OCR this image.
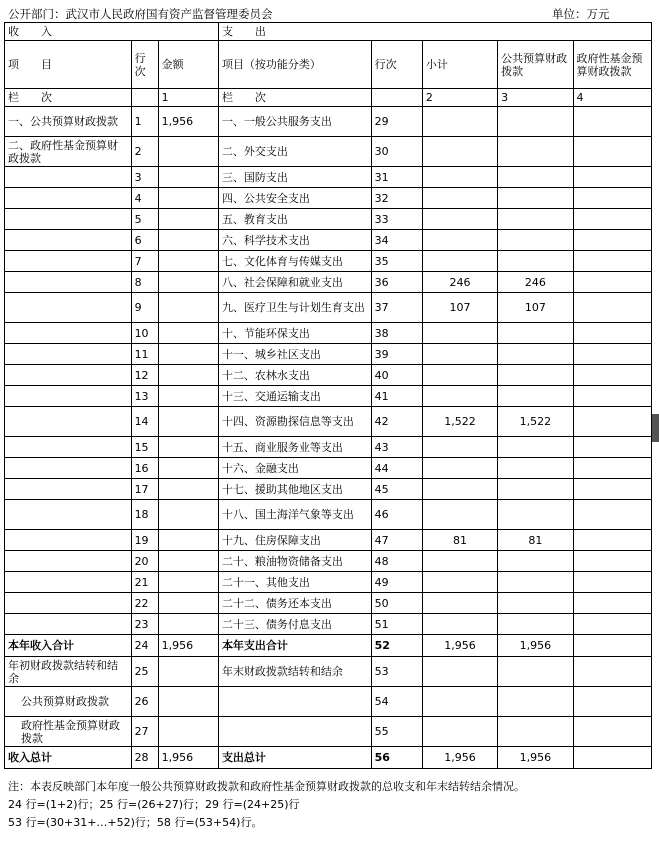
公开部门：武汉市人民政府国有资产监督管理委员会	单位：万元
收　　入			支　　出				
项　　目	行次	金额	项目（按功能分类）	行次	小计	公共预算财政拨款	政府性基金预算财政拨款
栏　　次		1	栏　　次		2	3	4
一、公共预算财政拨款	1	1,956	一、一般公共服务支出	29			
二、政府性基金预算财政拨款	2		二、外交支出	30			
	3		三、国防支出	31			
	4		四、公共安全支出	32			
	5		五、教育支出	33			
	6		六、科学技术支出	34			
	7		七、文化体育与传媒支出	35			
	8		八、社会保障和就业支出	36	246	246	
	9		九、医疗卫生与计划生育支出	37	107	107	
	10		十、节能环保支出	38			
	11		十一、城乡社区支出	39			
	12		十二、农林水支出	40			
	13		十三、交通运输支出	41			
	14		十四、资源勘探信息等支出	42	1,522	1,522	
	15		十五、商业服务业等支出	43			
	16		十六、金融支出	44			
	17		十七、援助其他地区支出	45			
	18		十八、国土海洋气象等支出	46			
	19		十九、住房保障支出	47	81	81	
	20		二十、粮油物资储备支出	48			
	21		二十一、其他支出	49			
	22		二十二、债务还本支出	50			
	23		二十三、债务付息支出	51			
本年收入合计	24	1,956	本年支出合计	52	1,956	1,956	
年初财政拨款结转和结余	25		年末财政拨款结转和结余	53			
公共预算财政拨款	26			54			
政府性基金预算财政拨款	27			55			
收入总计	28	1,956	支出总计	56	1,956	1,956	
注：本表反映部门本年度一般公共预算财政拨款和政府性基金预算财政拨款的总收支和年末结转结余情况。
24 行=(1+2)行；25 行=(26+27)行；29 行=(24+25)行
53 行=(30+31+…+52)行；58 行=(53+54)行。
